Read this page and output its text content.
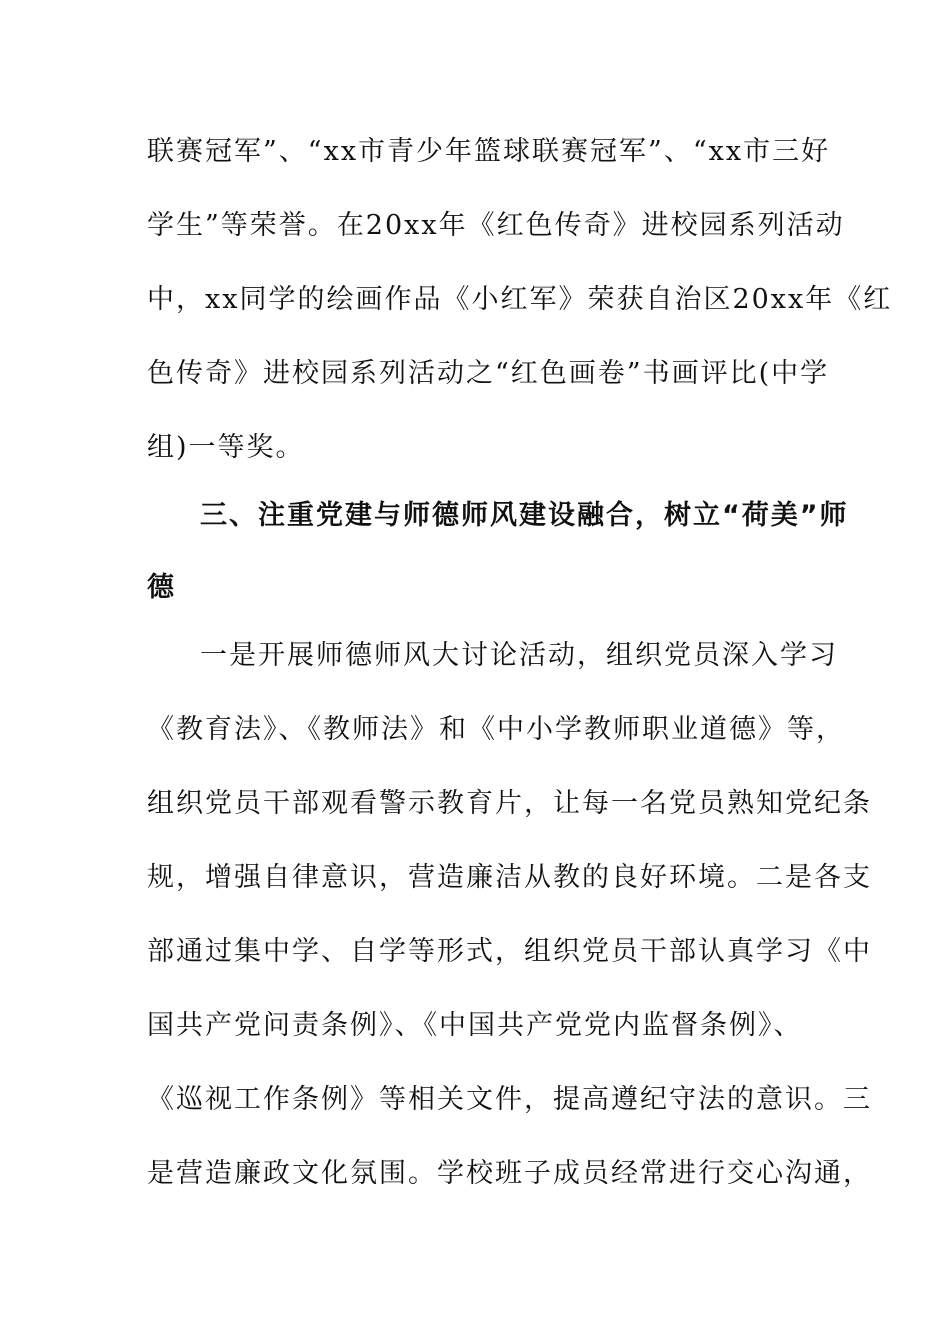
联赛冠军”、“xx市青少年篮球联赛冠军”、“xx市三好
学生”等荣誉。在20xx年《红色传奇》进校园系列活动
中，xx同学的绘画作品《小红军》荣获自治区20xx年《红
色传奇》进校园系列活动之“红色画卷”书画评比(中学
组)一等奖。
三、注重党建与师德师风建设融合，树立“荷美”师
德
一是开展师德师风大讨论活动，组织党员深入学习
《教育法》、《教师法》和《中小学教师职业道德》等，
组织党员干部观看警示教育片，让每一名党员熟知党纪条
规，增强自律意识，营造廉洁从教的良好环境。二是各支
部通过集中学、自学等形式，组织党员干部认真学习《中
国共产党问责条例》、《中国共产党党内监督条例》、
《巡视工作条例》等相关文件，提高遵纪守法的意识。三
是营造廉政文化氛围。学校班子成员经常进行交心沟通，
